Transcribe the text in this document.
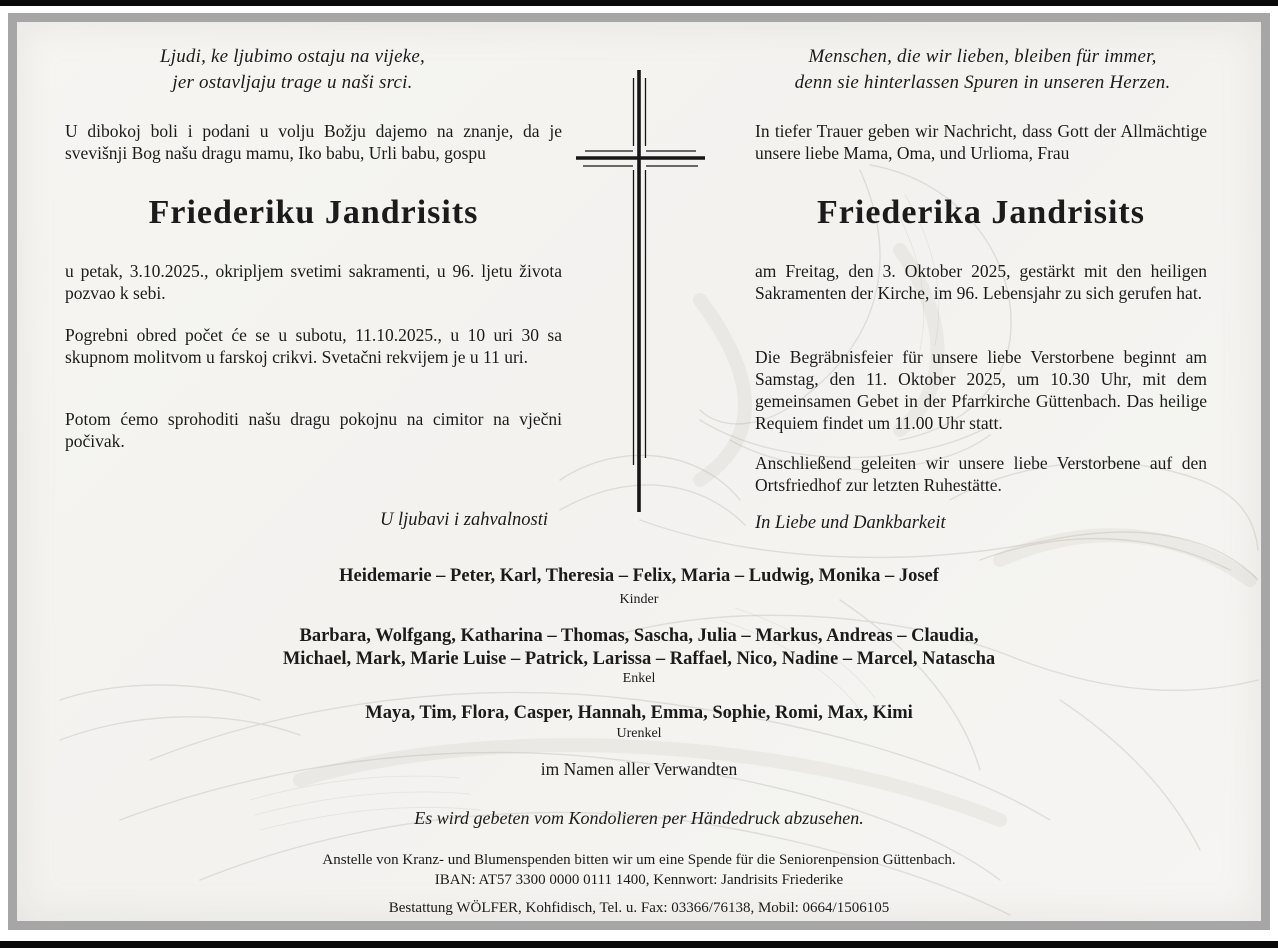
Ljudi, ke ljubimo ostaju na vijeke,
jer ostavljaju trage u naši srci.
U dibokoj boli i podani u volju Božju dajemo na znanje, da je svevišnji Bog našu dragu mamu, Iko babu, Urli babu, gospu
Friederiku Jandrisits
u petak, 3.10.2025., okripljem svetimi sakramenti, u 96. ljetu života pozvao k sebi.
Pogrebni obred počet će se u subotu, 11.10.2025., u 10 uri 30 sa skupnom molitvom u farskoj crikvi. Svetačni rekvijem je u 11 uri.
Potom ćemo sprohoditi našu dragu pokojnu na cimitor na vječni počivak.
U ljubavi i zahvalnosti
Menschen, die wir lieben, bleiben für immer,
denn sie hinterlassen Spuren in unseren Herzen.
In tiefer Trauer geben wir Nachricht, dass Gott der Allmächtige unsere liebe Mama, Oma, und Urlioma, Frau
Friederika Jandrisits
am Freitag, den 3. Oktober 2025, gestärkt mit den heiligen Sakramenten der Kirche, im 96. Lebensjahr zu sich gerufen hat.
Die Begräbnisfeier für unsere liebe Verstorbene beginnt am Samstag, den 11. Oktober 2025, um 10.30 Uhr, mit dem gemeinsamen Gebet in der Pfarrkirche Güttenbach. Das heilige Requiem findet um 11.00 Uhr statt.
Anschließend geleiten wir unsere liebe Verstorbene auf den Ortsfriedhof zur letzten Ruhestätte.
In Liebe und Dankbarkeit
Heidemarie – Peter, Karl, Theresia – Felix, Maria – Ludwig, Monika – Josef
Kinder
Barbara, Wolfgang, Katharina – Thomas, Sascha, Julia – Markus, Andreas – Claudia,
Michael, Mark, Marie Luise – Patrick, Larissa – Raffael, Nico, Nadine – Marcel, Natascha
Enkel
Maya, Tim, Flora, Casper, Hannah, Emma, Sophie, Romi, Max, Kimi
Urenkel
im Namen aller Verwandten
Es wird gebeten vom Kondolieren per Händedruck abzusehen.
Anstelle von Kranz- und Blumenspenden bitten wir um eine Spende für die Seniorenpension Güttenbach.
IBAN: AT57 3300 0000 0111 1400, Kennwort: Jandrisits Friederike
Bestattung WÖLFER, Kohfidisch, Tel. u. Fax: 03366/76138, Mobil: 0664/1506105
